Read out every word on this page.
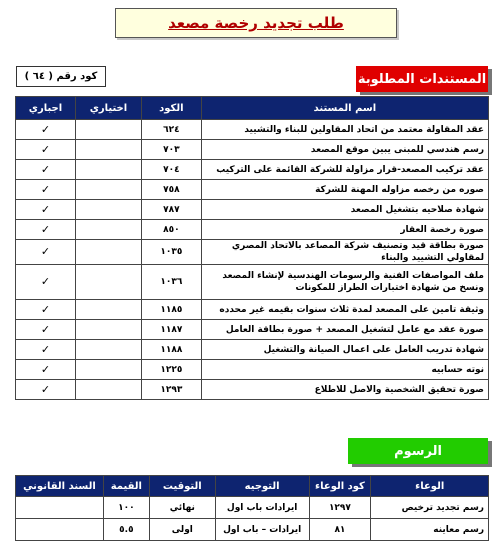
طلب تجديد رخصة مصعد
كود رقم ( ٦٤ )	المستندات المطلوبة
اسم المستند	الكود	اختياري	اجباري
عقد المقاولة معتمد من اتحاد المقاولين للبناء والتشييد	٦٢٤		✓
رسم هندسي للمبنى يبين موقع المصعد	٧٠٣		✓
عقد تركيب المصعد-قرار مزاولة للشركة القائمة على التركيب	٧٠٤		✓
صوره من رخصه مزاوله المهنة للشركة	٧٥٨		✓
شهادة صلاحيه بتشغيل المصعد	٧٨٧		✓
صورة رخصة العقار	٨٥٠		✓
صورة بطاقة قيد وتصنيف شركة المصاعد بالاتحاد المصري لمقاولي التشييد والبناء	١٠٣٥		✓
ملف المواصفات الفنية والرسومات الهندسية لإنشاء المصعد ونسخ من شهادة اختبارات الطراز للمكونات	١٠٣٦		✓
وثيقة تامين على المصعد لمدة ثلاث سنوات بقيمه غير محدده	١١٨٥		✓
صورة عقد مع عامل لتشغيل المصعد + صورة بطاقة العامل	١١٨٧		✓
شهادة تدريب العامل على اعمال الصيانة والتشغيل	١١٨٨		✓
نوته حسابيه	١٢٢٥		✓
صورة تحقيق الشخصية والاصل للاطلاع	١٢٩٣		✓
الرسوم
الوعاء	كود الوعاء	التوجيه	التوقيت	القيمة	السند القانوني
رسم تجديد ترخيص	١٢٩٧	ايرادات باب اول	نهائي	١٠٠	
رسم معاينه	٨١	ايرادات – باب اول	اولى	٥.٥	
